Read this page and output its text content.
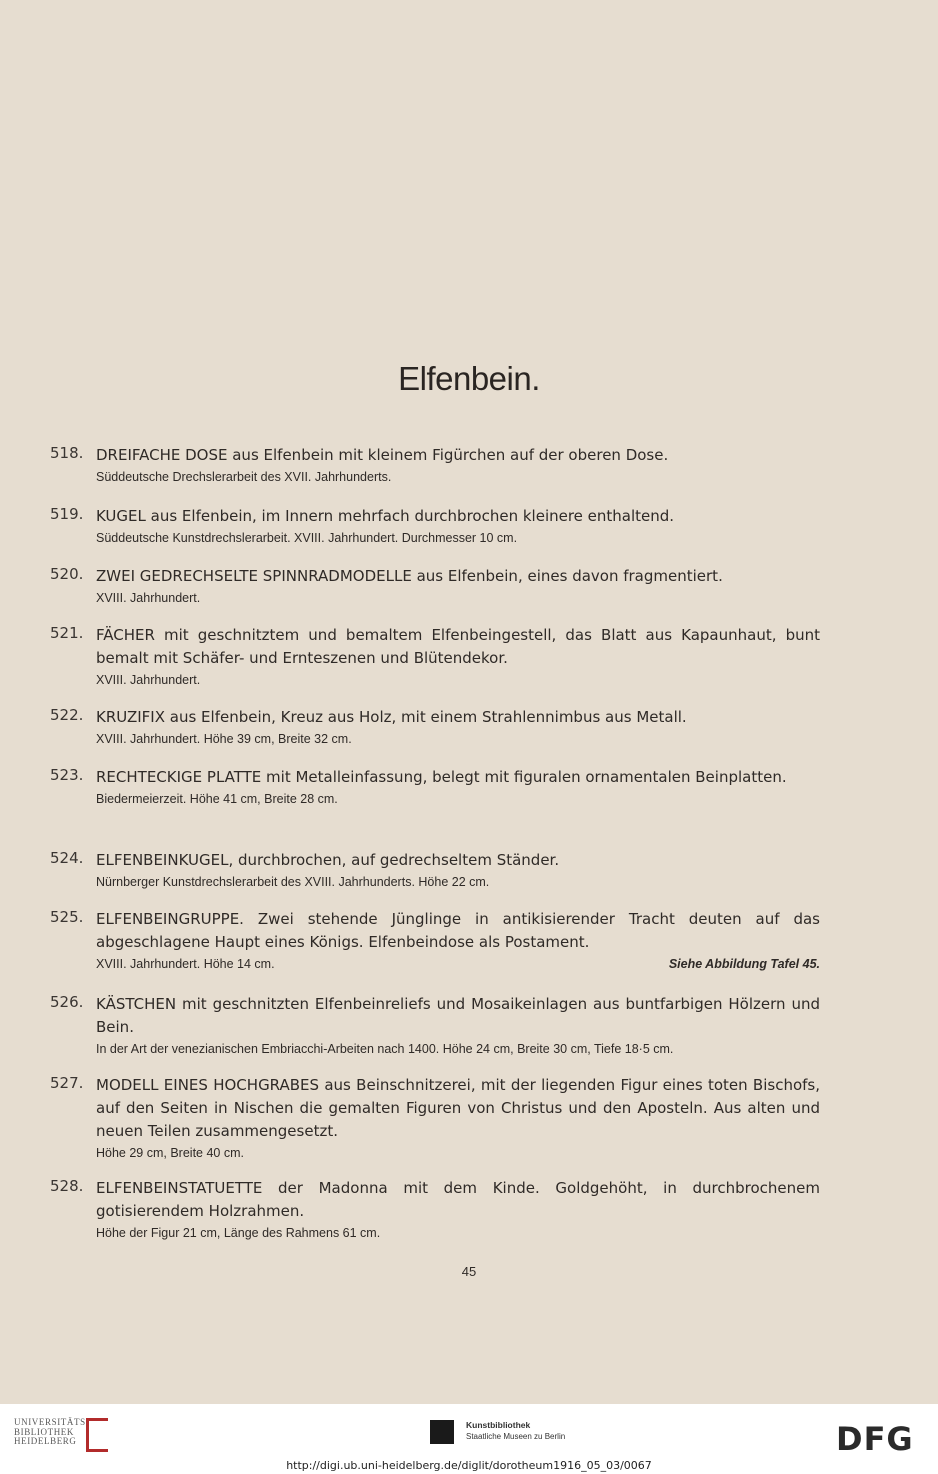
Elfenbein.
518. DREIFACHE DOSE aus Elfenbein mit kleinem Figürchen auf der oberen Dose.
Süddeutsche Drechslerarbeit des XVII. Jahrhunderts.
519. KUGEL aus Elfenbein, im Innern mehrfach durchbrochen kleinere enthaltend.
Süddeutsche Kunstdrechslerarbeit. XVIII. Jahrhundert. Durchmesser 10 cm.
520. ZWEI GEDRECHSELTE SPINNRADMODELLE aus Elfenbein, eines davon fragmentiert.
XVIII. Jahrhundert.
521. FÄCHER mit geschnitztem und bemaltem Elfenbeingestell, das Blatt aus Kapaunhaut, bunt bemalt mit Schäfer- und Ernteszenen und Blütendekor.
XVIII. Jahrhundert.
522. KRUZIFIX aus Elfenbein, Kreuz aus Holz, mit einem Strahlennimbus aus Metall.
XVIII. Jahrhundert. Höhe 39 cm, Breite 32 cm.
523. RECHTECKIGE PLATTE mit Metalleinfassung, belegt mit figuralen ornamentalen Beinplatten.
Biedermeierzeit. Höhe 41 cm, Breite 28 cm.
524. ELFENBEINKUGEL, durchbrochen, auf gedrechseltem Ständer.
Nürnberger Kunstdrechslerarbeit des XVIII. Jahrhunderts. Höhe 22 cm.
525. ELFENBEINGRUPPE. Zwei stehende Jünglinge in antikisierender Tracht deuten auf das abgeschlagene Haupt eines Königs. Elfenbeindose als Postament.
XVIII. Jahrhundert. Höhe 14 cm.	Siehe Abbildung Tafel 45.
526. KÄSTCHEN mit geschnitzten Elfenbeinreliefs und Mosaikeinlagen aus buntfarbigen Hölzern und Bein.
In der Art der venezianischen Embriacchi-Arbeiten nach 1400. Höhe 24 cm, Breite 30 cm, Tiefe 18·5 cm.
527. MODELL EINES HOCHGRABES aus Beinschnitzerei, mit der liegenden Figur eines toten Bischofs, auf den Seiten in Nischen die gemalten Figuren von Christus und den Aposteln. Aus alten und neuen Teilen zusammengesetzt.
Höhe 29 cm, Breite 40 cm.
528. ELFENBEINSTATUETTE der Madonna mit dem Kinde. Goldgehöht, in durchbrochenem gotisierendem Holzrahmen.
Höhe der Figur 21 cm, Länge des Rahmens 61 cm.
45
UNIVERSITÄTS-
BIBLIOTHEK
HEIDELBERG
Kunstbibliothek
Staatliche Museen zu Berlin	DFG
http://digi.ub.uni-heidelberg.de/diglit/dorotheum1916_05_03/0067
